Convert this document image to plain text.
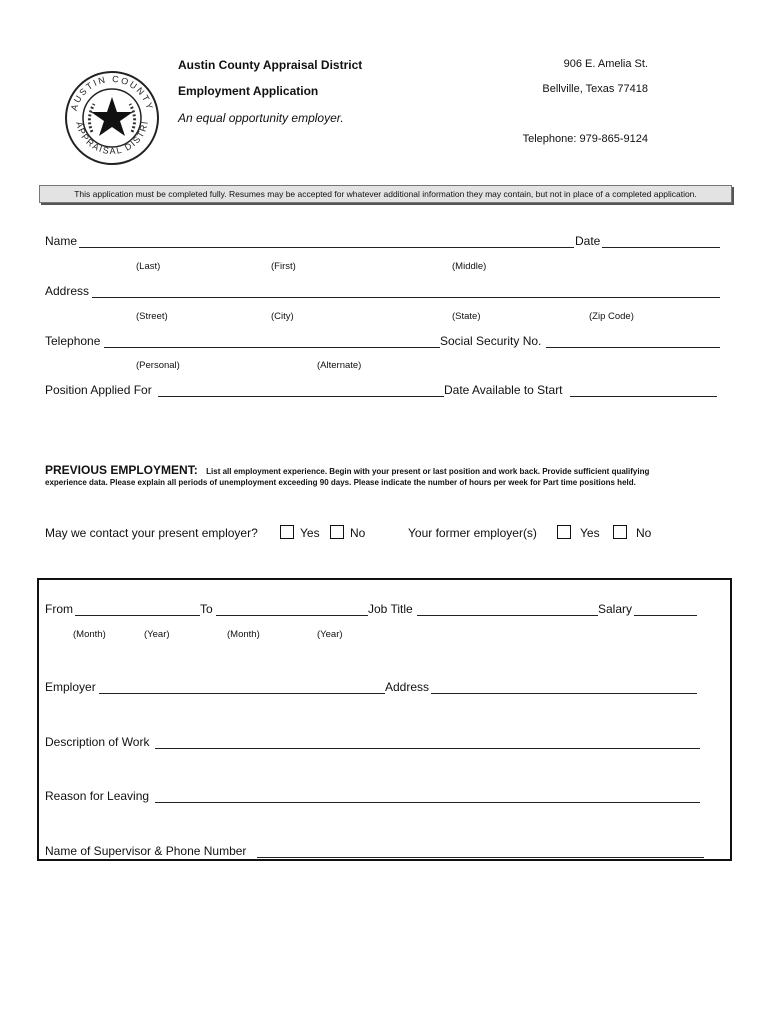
AUSTIN COUNTY
APPRAISAL DISTRI
Austin County Appraisal District
Employment Application
An equal opportunity employer.
906 E. Amelia St.
Bellville, Texas 77418
Telephone: 979-865-9124
This application must be completed fully. Resumes may be accepted for whatever additional information they may contain, but not in place of a completed application.
Name	Date
(Last)	(First)	(Middle)
Address
(Street)	(City)	(State)	(Zip Code)
Telephone	Social Security No.
(Personal)	(Alternate)
Position Applied For	Date Available to Start
PREVIOUS EMPLOYMENT: List all employment experience. Begin with your present or last position and work back. Provide sufficient qualifying
experience data. Please explain all periods of unemployment exceeding 90 days. Please indicate the number of hours per week for Part time positions held.
May we contact your present employer?	Yes	No	Your former employer(s)	Yes	No
From	To	Job Title	Salary
(Month)	(Year)	(Month)	(Year)
Employer	Address
Description of Work
Reason for Leaving
Name of Supervisor & Phone Number
